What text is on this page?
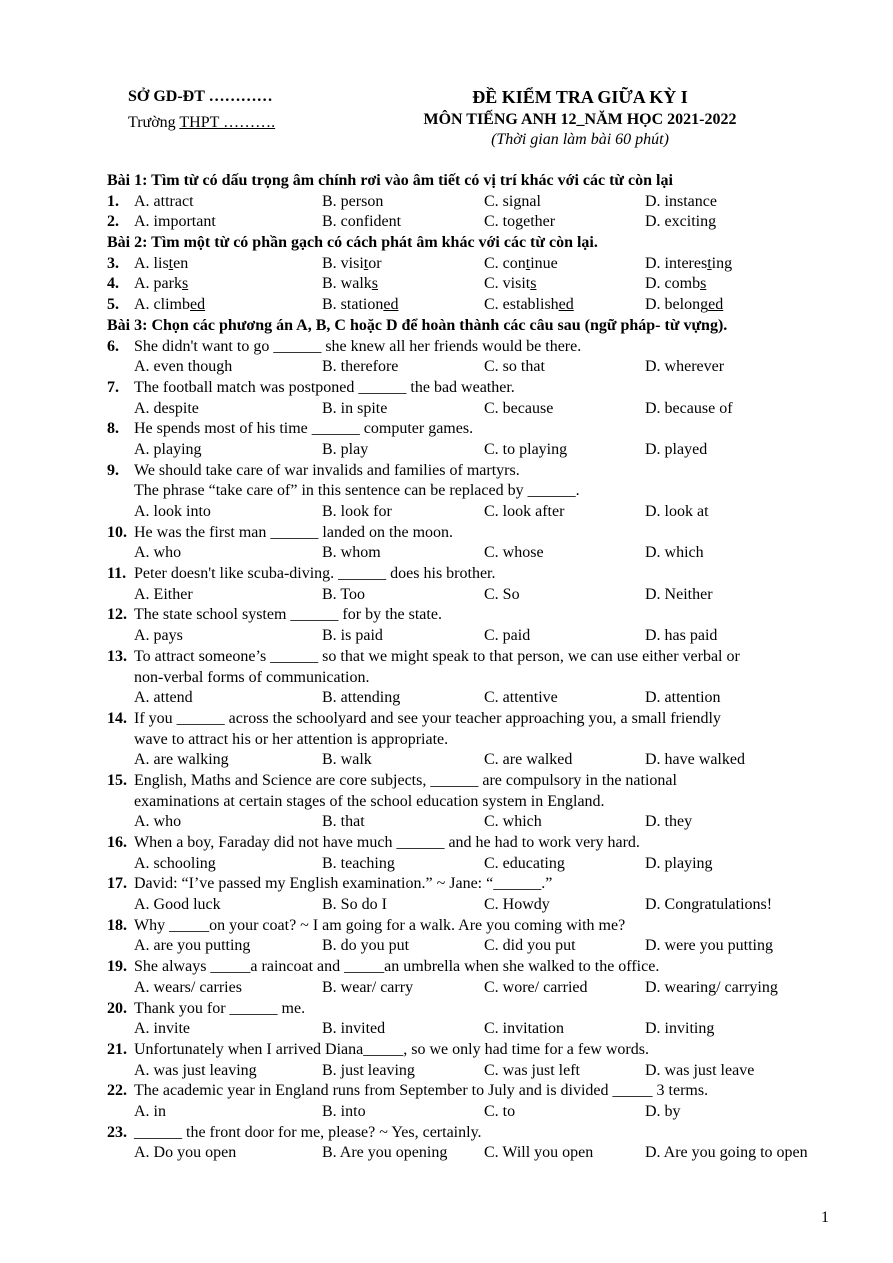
SỞ GD-ĐT …………
Trường THPT ……….
ĐỀ KIỂM TRA GIỮA KỲ I
MÔN TIẾNG ANH 12_NĂM HỌC 2021-2022
(Thời gian làm bài 60 phút)
Bài 1: Tìm từ có dấu trọng âm chính rơi vào âm tiết có vị trí khác với các từ còn lại
1. A. attract	B. person	C. signal	D. instance
2. A. important	B. confident	C. together	D. exciting
Bài 2: Tìm một từ có phần gạch có cách phát âm khác với các từ còn lại.
3. A. listen	B. visitor	C. continue	D. interesting
4. A. parks	B. walks	C. visits	D. combs
5. A. climbed	B. stationed	C. established	D. belonged
Bài 3: Chọn các phương án A, B, C hoặc D để hoàn thành các câu sau (ngữ pháp- từ vựng).
6. She didn't want to go ______ she knew all her friends would be there.
A. even though	B. therefore	C. so that	D. wherever
7. The football match was postponed ______ the bad weather.
A. despite	B. in spite	C. because	D. because of
8. He spends most of his time ______ computer games.
A. playing	B. play	C. to playing	D. played
9. We should take care of war invalids and families of martyrs.
The phrase “take care of” in this sentence can be replaced by ______.
A. look into	B. look for	C. look after	D. look at
10. He was the first man ______ landed on the moon.
A. who	B. whom	C. whose	D. which
11. Peter doesn't like scuba-diving. ______ does his brother.
A. Either	B. Too	C. So	D. Neither
12. The state school system ______ for by the state.
A. pays	B. is paid	C. paid	D. has paid
13. To attract someone’s ______ so that we might speak to that person, we can use either verbal or
non-verbal forms of communication.
A. attend	B. attending	C. attentive	D. attention
14. If you ______ across the schoolyard and see your teacher approaching you, a small friendly
wave to attract his or her attention is appropriate.
A. are walking	B. walk	C. are walked	D. have walked
15. English, Maths and Science are core subjects, ______ are compulsory in the national
examinations at certain stages of the school education system in England.
A. who	B. that	C. which	D. they
16. When a boy, Faraday did not have much ______ and he had to work very hard.
A. schooling	B. teaching	C. educating	D. playing
17. David: “I’ve passed my English examination.” ~ Jane: “______.”
A. Good luck	B. So do I	C. Howdy	D. Congratulations!
18. Why _____on your coat? ~ I am going for a walk. Are you coming with me?
A. are you putting	B. do you put	C. did you put	D. were you putting
19. She always _____a raincoat and _____an umbrella when she walked to the office.
A. wears/ carries	B. wear/ carry	C. wore/ carried	D. wearing/ carrying
20. Thank you for ______ me.
A. invite	B. invited	C. invitation	D. inviting
21. Unfortunately when I arrived Diana_____, so we only had time for a few words.
A. was just leaving	B. just leaving	C. was just left	D. was just leave
22. The academic year in England runs from September to July and is divided _____ 3 terms.
A. in	B. into	C. to	D. by
23. ______ the front door for me, please? ~ Yes, certainly.
A. Do you open	B. Are you opening C. Will you open	D. Are you going to open
1
